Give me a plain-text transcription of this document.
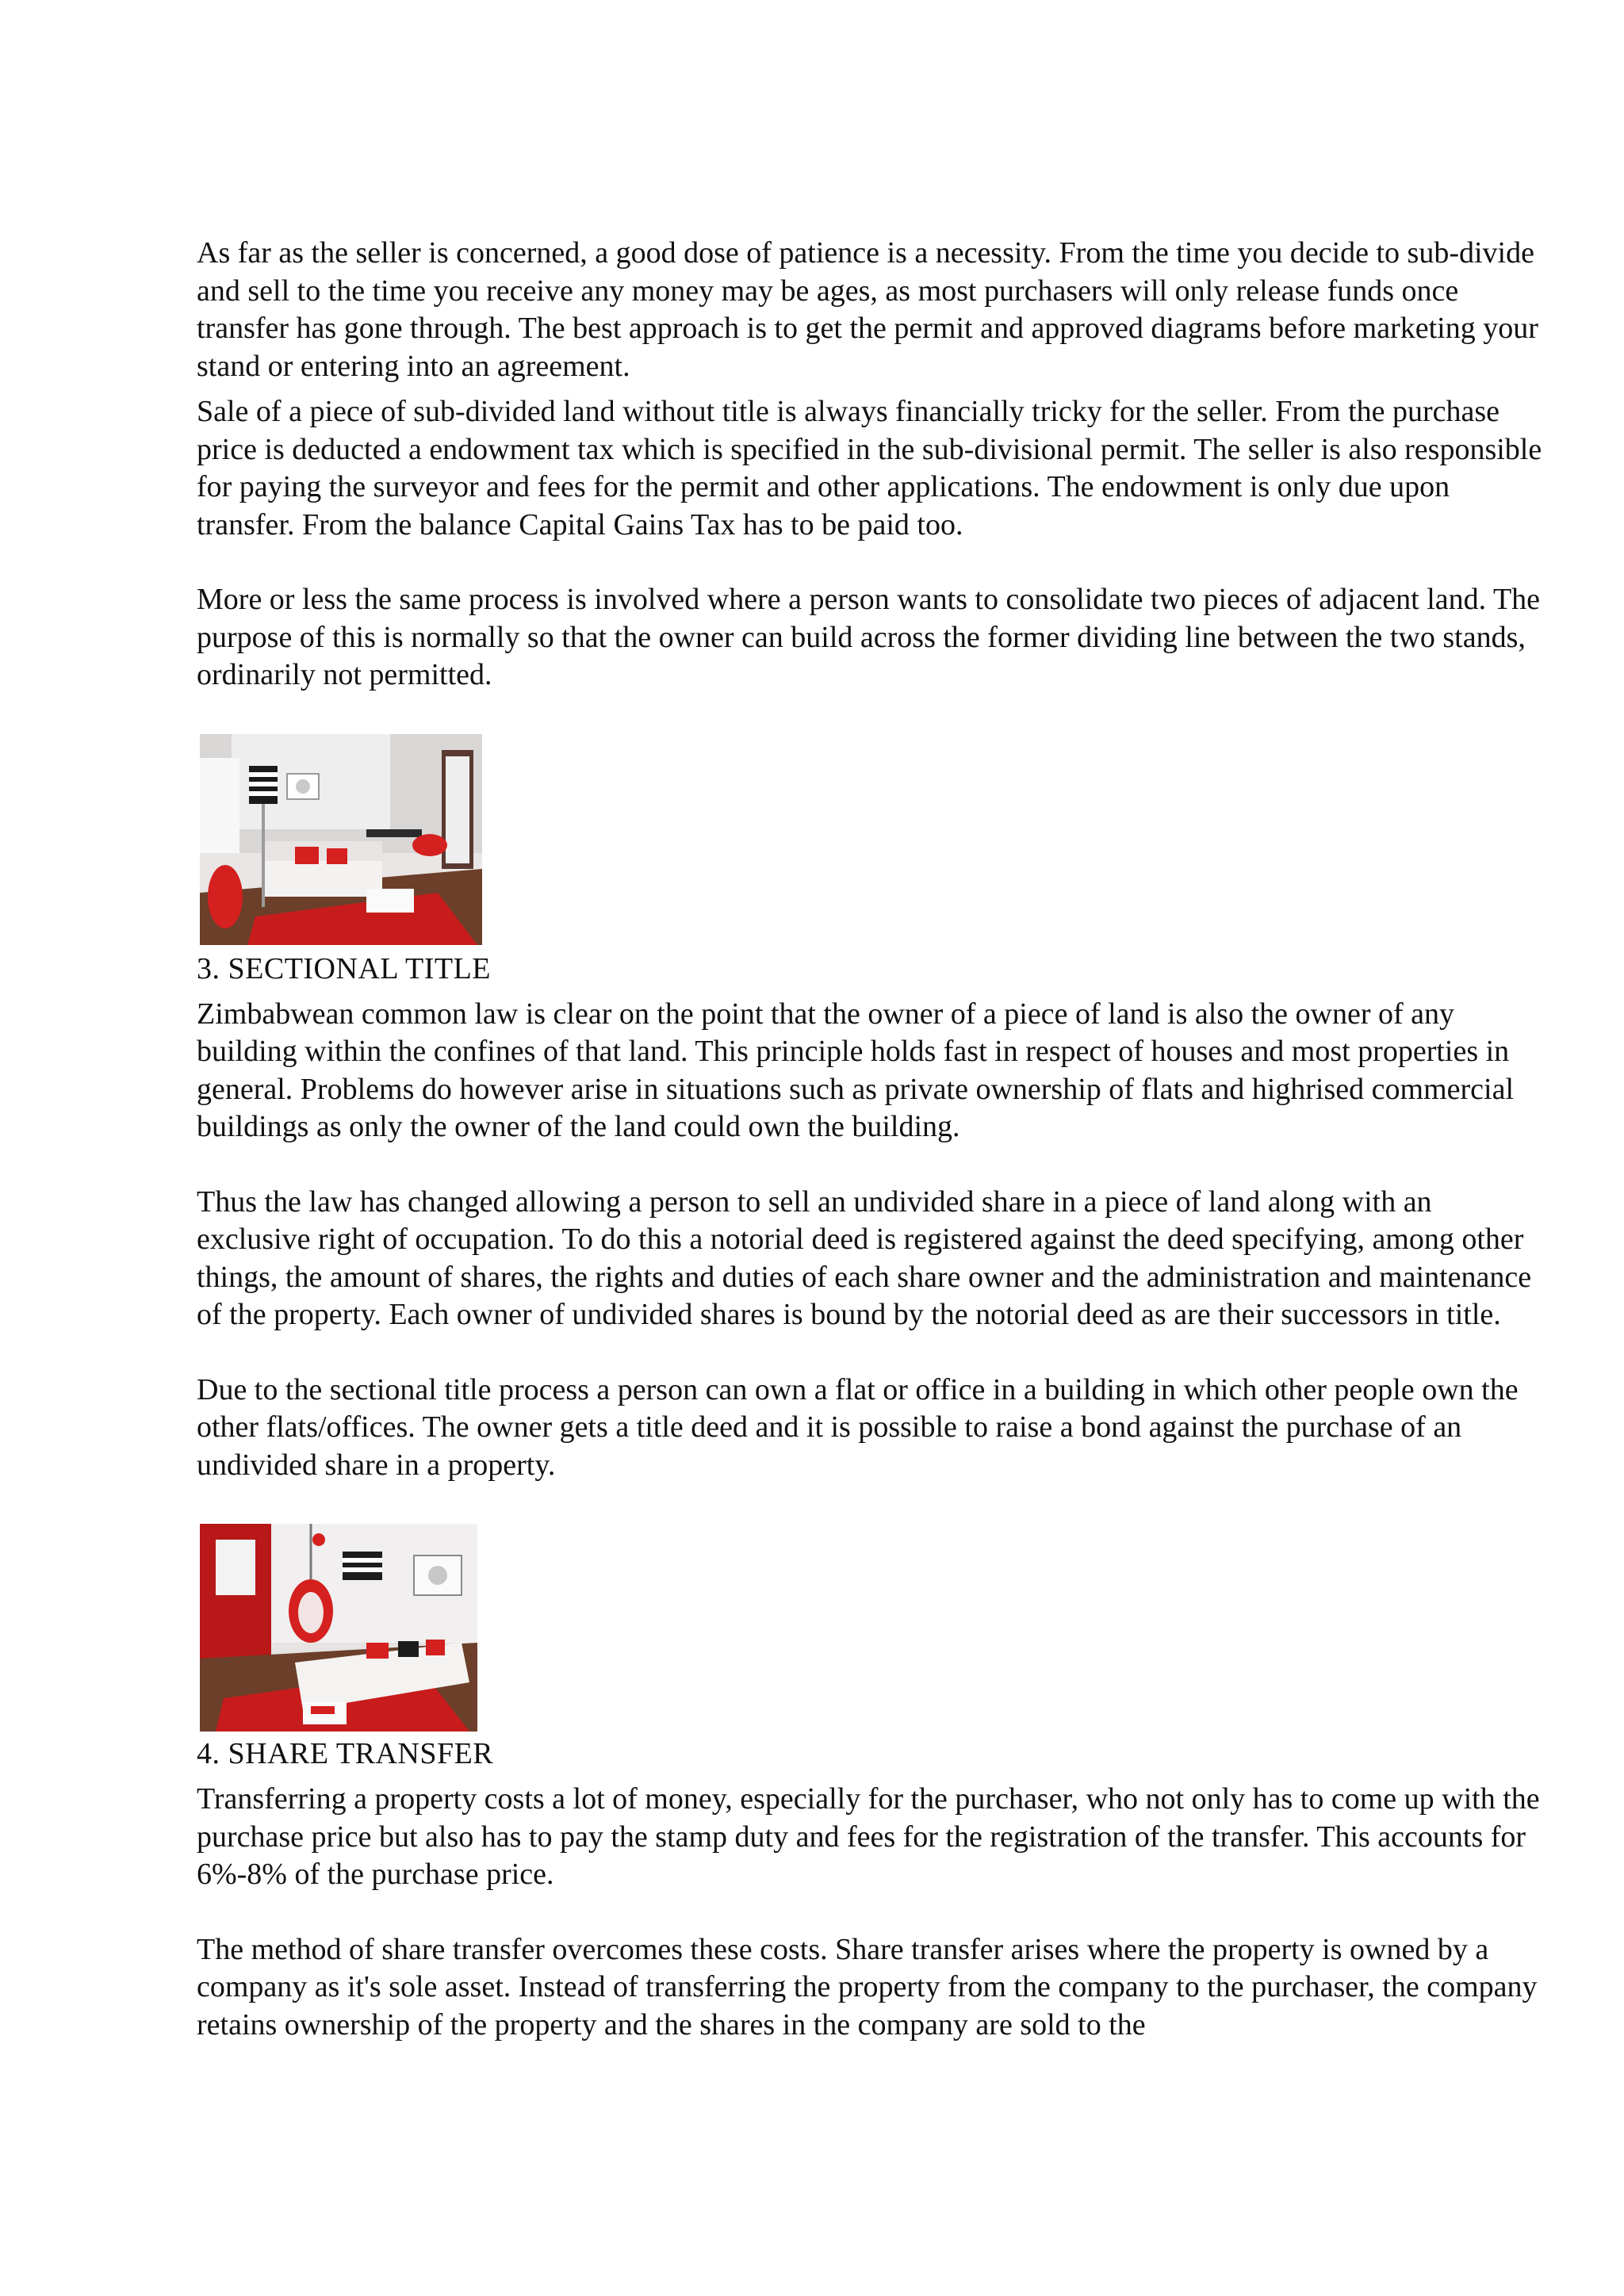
As far as the seller is concerned, a good dose of patience is a necessity. From the time you decide to sub-divide and sell to the time you receive any money may be ages, as most purchasers will only release funds once transfer has gone through. The best approach is to get the permit and approved diagrams before marketing your stand or entering into an agreement.

Sale of a piece of sub-divided land without title is always financially tricky for the seller. From the purchase price is deducted a endowment tax which is specified in the sub-divisional permit. The seller is also responsible for paying the surveyor and fees for the permit and other applications. The endowment is only due upon transfer. From the balance Capital Gains Tax has to be paid too.

More or less the same process is involved where a person wants to consolidate two pieces of adjacent land. The purpose of this is normally so that the owner can build across the former dividing line between the two stands, ordinarily not permitted.

3. SECTIONAL TITLE

Zimbabwean common law is clear on the point that the owner of a piece of land is also the owner of any building within the confines of that land. This principle holds fast in respect of houses and most properties in general. Problems do however arise in situations such as private ownership of flats and highrised commercial buildings as only the owner of the land could own the building.

Thus the law has changed allowing a person to sell an undivided share in a piece of land along with an exclusive right of occupation. To do this a notorial deed is registered against the deed specifying, among other things, the amount of shares, the rights and duties of each share owner and the administration and maintenance of the property. Each owner of undivided shares is bound by the notorial deed as are their successors in title.

Due to the sectional title process a person can own a flat or office in a building in which other people own the other flats/offices. The owner gets a title deed and it is possible to raise a bond against the purchase of an undivided share in a property.

4. SHARE TRANSFER

Transferring a property costs a lot of money, especially for the purchaser, who not only has to come up with the purchase price but also has to pay the stamp duty and fees for the registration of the transfer. This accounts for 6%-8% of the purchase price.

The method of share transfer overcomes these costs. Share transfer arises where the property is owned by a company as it's sole asset. Instead of transferring the property from the company to the purchaser, the company retains ownership of the property and the shares in the company are sold to the
